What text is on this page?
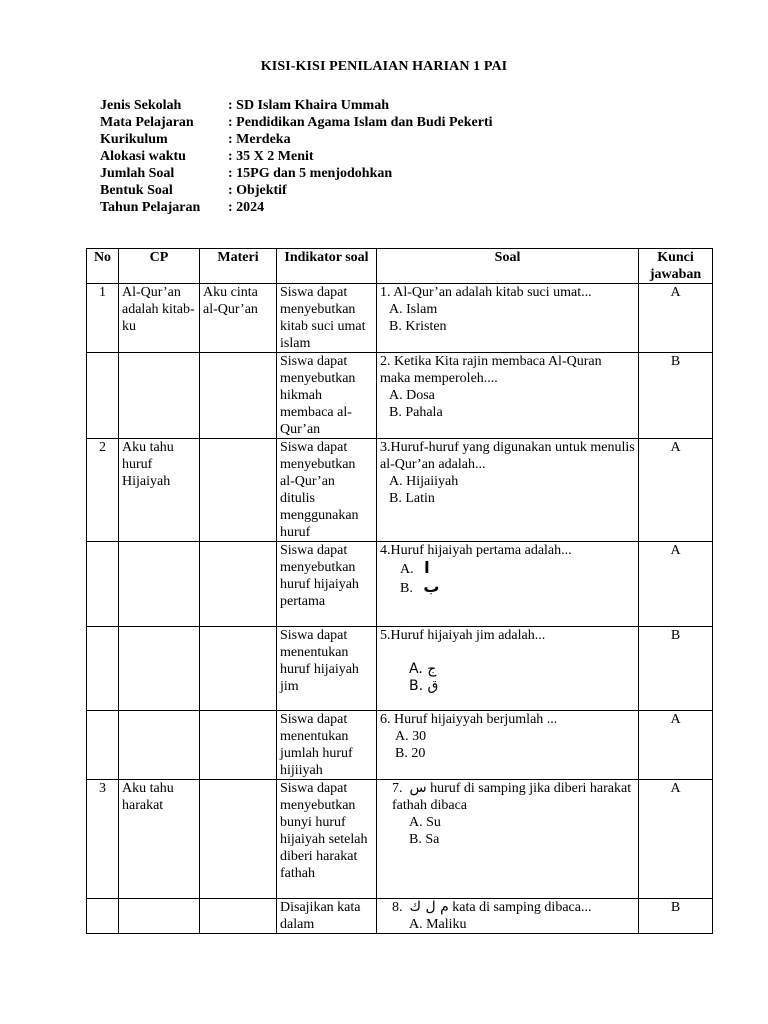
KISI-KISI PENILAIAN HARIAN 1 PAI
Jenis Sekolah	: SD Islam Khaira Ummah
Mata Pelajaran	: Pendidikan Agama Islam dan Budi Pekerti
Kurikulum	: Merdeka
Alokasi waktu	: 35 X 2 Menit
Jumlah Soal	: 15PG dan 5 menjodohkan
Bentuk Soal	: Objektif
Tahun Pelajaran	: 2024
No	CP	Materi	Indikator soal	Soal	Kunci jawaban
1	Al-Qur’an adalah kitab-ku	Aku cinta al-Qur’an	Siswa dapat menyebutkan kitab suci umat islam	1. Al-Qur’an adalah kitab suci umat...
A. Islam
B. Kristen	A
			Siswa dapat menyebutkan hikmah membaca al-Qur’an	2. Ketika Kita rajin membaca Al-Quran maka memperoleh....
A. Dosa
B. Pahala	B
2	Aku tahu huruf Hijaiyah		Siswa dapat menyebutkan al-Qur’an ditulis menggunakan huruf	3.Huruf-huruf yang digunakan untuk menulis al-Qur’an adalah...
A. Hijaiiyah
B. Latin	A
			Siswa dapat menyebutkan huruf hijaiyah pertama	4.Huruf hijaiyah pertama adalah...
A. ا
B. ب	A
			Siswa dapat menentukan huruf hijaiyah jim	5.Huruf hijaiyah jim adalah...
A. ج
B. ق	B
			Siswa dapat menentukan jumlah huruf hijiiyah	6. Huruf hijaiyyah berjumlah ...
A. 30
B. 20	A
3	Aku tahu harakat		Siswa dapat menyebutkan bunyi huruf hijaiyah setelah diberi harakat fathah	7. س huruf di samping jika diberi harakat fathah dibaca
A. Su
B. Sa	A
			Disajikan kata dalam	8. م ل ك kata di samping dibaca...
A. Maliku	B
